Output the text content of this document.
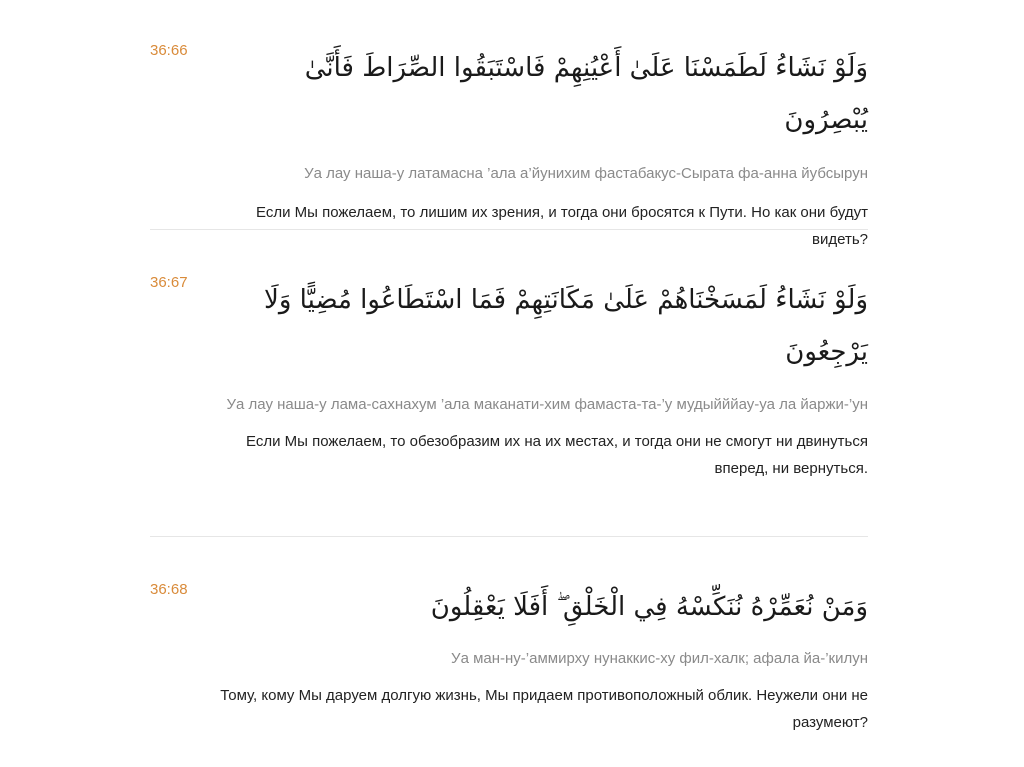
36:66
وَلَوْ نَشَاءُ لَطَمَسْنَا عَلَىٰ أَعْيُنِهِمْ فَاسْتَبَقُوا الصِّرَاطَ فَأَنَّىٰ يُبْصِرُونَ
Уа лау наша-у латамасна ’ала а’йунихим фастабакус-Сырата фа-анна йубсырун
Если Мы пожелаем, то лишим их зрения, и тогда они бросятся к Пути. Но как они будут видеть?
36:67
وَلَوْ نَشَاءُ لَمَسَخْنَاهُمْ عَلَىٰ مَكَانَتِهِمْ فَمَا اسْتَطَاعُوا مُضِيًّا وَلَا يَرْجِعُونَ
Уа лау наша-у лама-сахнахум ’ала маканати-хим фамаста-та-’у мудыйййау-уа ла йаржи-’ун
Если Мы пожелаем, то обезобразим их на их местах, и тогда они не смогут ни двинуться вперед, ни вернуться.
36:68
وَمَنْ نُعَمِّرْهُ نُنَكِّسْهُ فِي الْخَلْقِ ۖ أَفَلَا يَعْقِلُونَ
Уа ман-ну-’аммирху нунаккис-ху фил-халк; афала йа-’килун
Тому, кому Мы даруем долгую жизнь, Мы придаем противоположный облик. Неужели они не разумеют?
